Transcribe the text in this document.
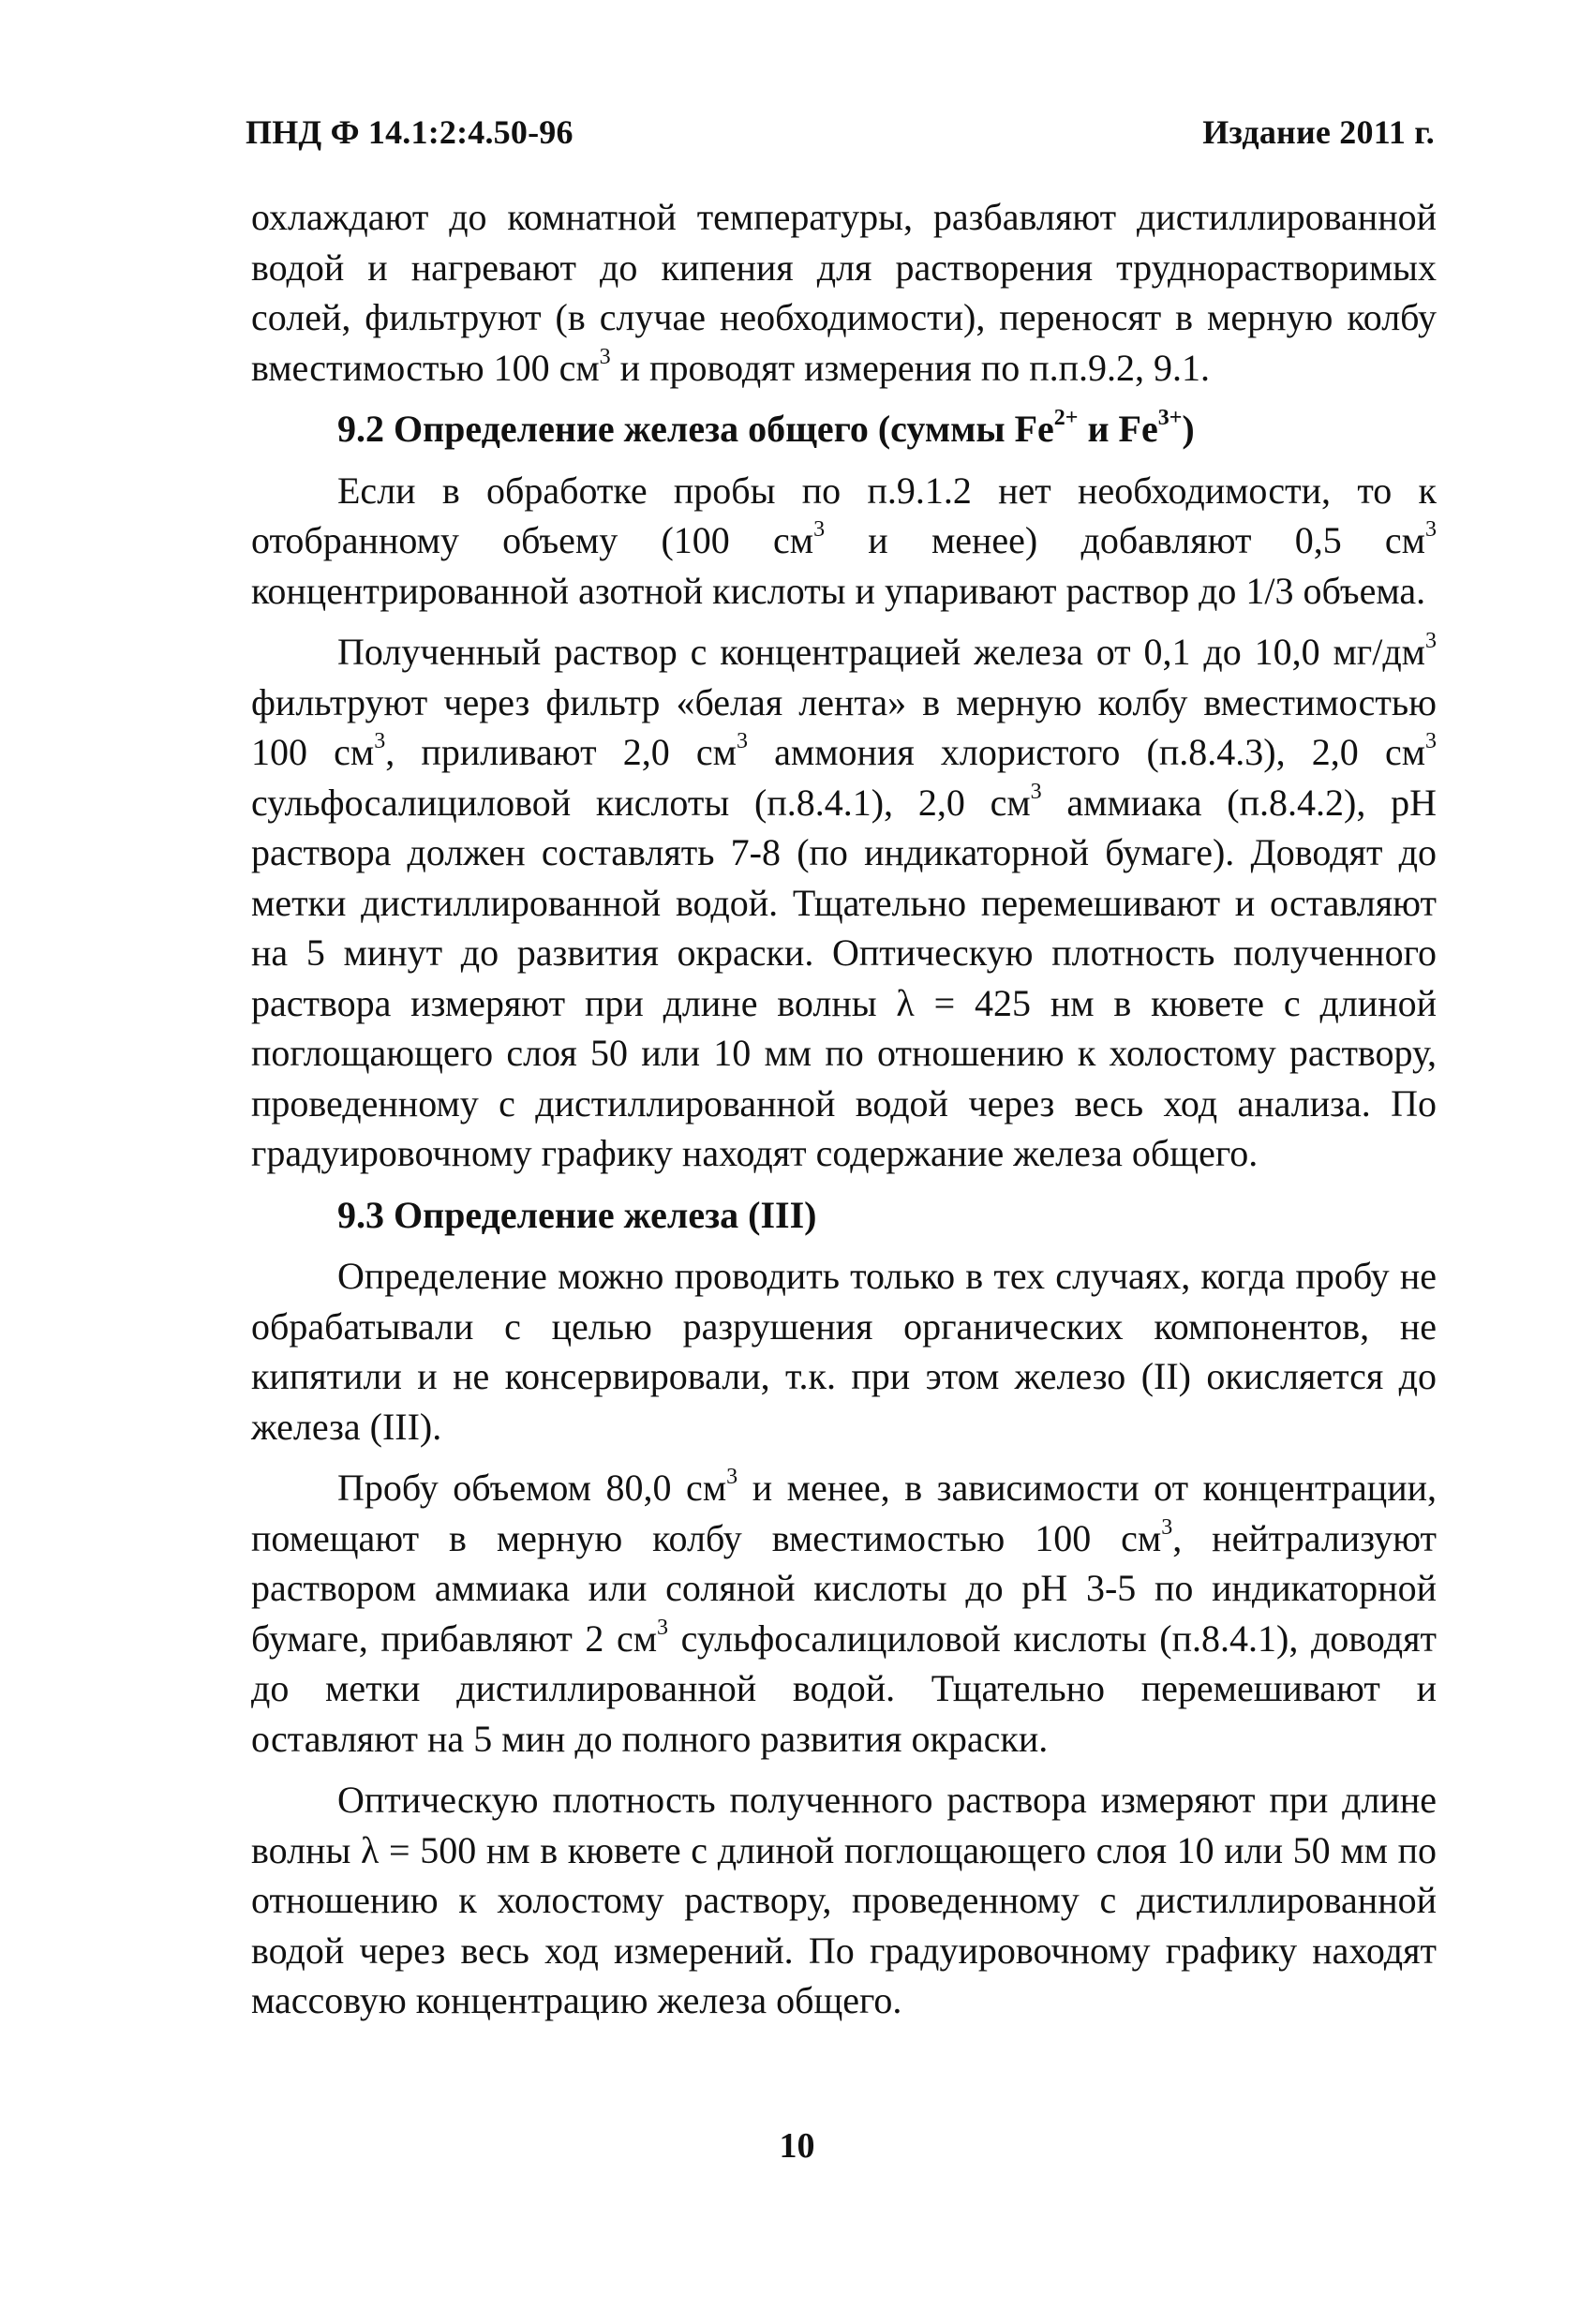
ПНД Ф 14.1:2:4.50-96	Издание 2011 г.

охлаждают до комнатной температуры, разбавляют дистиллированной водой и нагревают до кипения для растворения труднорастворимых солей, фильтруют (в случае необходимости), переносят в мерную колбу вместимостью 100 $см^3$ и проводят измерения по п.п.9.2, 9.1.

9.2 Определение железа общего (суммы $Fe^{2+}$ и $Fe^{3+}$)

Если в обработке пробы по п.9.1.2 нет необходимости, то к отобранному объему (100 $см^3$ и менее) добавляют 0,5 $см^3$ концентрированной азотной кислоты и упаривают раствор до 1/3 объема.

Полученный раствор с концентрацией железа от 0,1 до 10,0 $мг/дм^3$ фильтруют через фильтр «белая лента» в мерную колбу вместимостью 100 $см^3$, приливают 2,0 $см^3$ аммония хлористого (п.8.4.3), 2,0 $см^3$ сульфосалициловой кислоты (п.8.4.1), 2,0 $см^3$ аммиака (п.8.4.2), pH раствора должен составлять 7-8 (по индикаторной бумаге). Доводят до метки дистиллированной водой. Тщательно перемешивают и оставляют на 5 минут до развития окраски. Оптическую плотность полученного раствора измеряют при длине волны λ = 425 нм в кювете с длиной поглощающего слоя 50 или 10 мм по отношению к холостому раствору, проведенному с дистиллированной водой через весь ход анализа. По градуировочному графику находят содержание железа общего.

9.3 Определение железа (III)

Определение можно проводить только в тех случаях, когда пробу не обрабатывали с целью разрушения органических компонентов, не кипятили и не консервировали, т.к. при этом железо (II) окисляется до железа (III).

Пробу объемом 80,0 $см^3$ и менее, в зависимости от концентрации, помещают в мерную колбу вместимостью 100 $см^3$, нейтрализуют раствором аммиака или соляной кислоты до pH 3-5 по индикаторной бумаге, прибавляют 2 $см^3$ сульфосалициловой кислоты (п.8.4.1), доводят до метки дистиллированной водой. Тщательно перемешивают и оставляют на 5 мин до полного развития окраски.

Оптическую плотность полученного раствора измеряют при длине волны λ = 500 нм в кювете с длиной поглощающего слоя 10 или 50 мм по отношению к холостому раствору, проведенному с дистиллированной водой через весь ход измерений. По градуировочному графику находят массовую концентрацию железа общего.

10
